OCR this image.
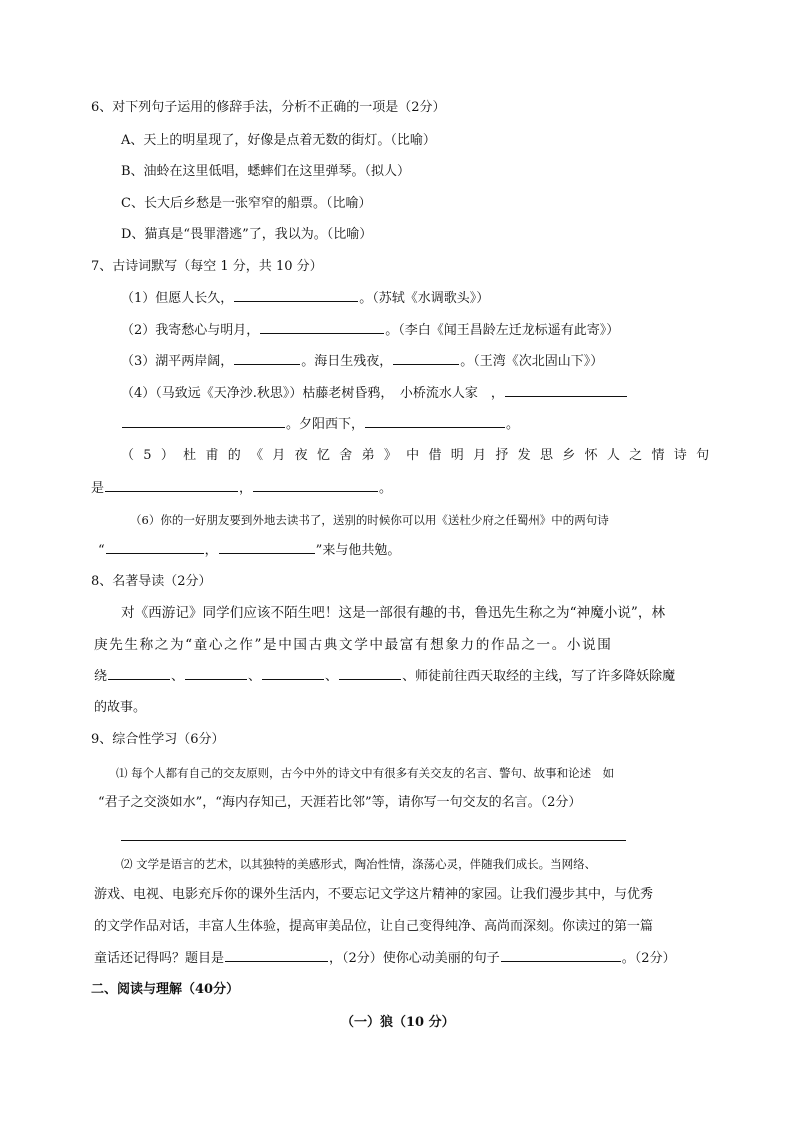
6、对下列句子运用的修辞手法，分析不正确的一项是（2分）
A、天上的明星现了，好像是点着无数的街灯。（比喻）
B、油蛉在这里低唱，蟋蟀们在这里弹琴。（拟人）
C、长大后乡愁是一张窄窄的船票。（比喻）
D、猫真是“畏罪潜逃”了，我以为。（比喻）
7、古诗词默写（每空 1 分，共 10 分）
（1）但愿人长久，	。（苏轼《水调歌头》）
（2）我寄愁心与明月，	。（李白《闻王昌龄左迁龙标遥有此寄》）
（3）湖平两岸阔，	。海日生残夜，	。（王湾《次北固山下》）
（4）（马致远《天净沙.秋思》）枯藤老树昏鸦，　小桥流水人家　，
。夕阳西下，	。
（5）杜甫的《月夜忆舍弟》中借明月抒发思乡怀人之情诗句
是	，	。
（6）你的一好朋友要到外地去读书了，送别的时候你可以用《送杜少府之任蜀州》中的两句诗
“	，	”来与他共勉。
8、名著导读（2分）
对《西游记》同学们应该不陌生吧！这是一部很有趣的书，鲁迅先生称之为“神魔小说”，林
庚先生称之为“童心之作”是中国古典文学中最富有想象力的作品之一。小说围
绕	、	、	、	、师徒前往西天取经的主线，写了许多降妖除魔
的故事。
9、综合性学习（6分）
⑴ 每个人都有自己的交友原则，古今中外的诗文中有很多有关交友的名言、警句、故事和论述　如
“君子之交淡如水”，“海内存知己，天涯若比邻”等，请你写一句交友的名言。（2分）
⑵ 文学是语言的艺术，以其独特的美感形式，陶冶性情，涤荡心灵，伴随我们成长。当网络、
游戏、电视、电影充斥你的课外生活内，不要忘记文学这片精神的家园。让我们漫步其中，与优秀
的文学作品对话，丰富人生体验，提高审美品位，让自己变得纯净、高尚而深刻。你读过的第一篇
童话还记得吗？题目是	，（2分）使你心动美丽的句子	。（2分）
二、阅读与理解（40分）
（一）狼（10 分）
